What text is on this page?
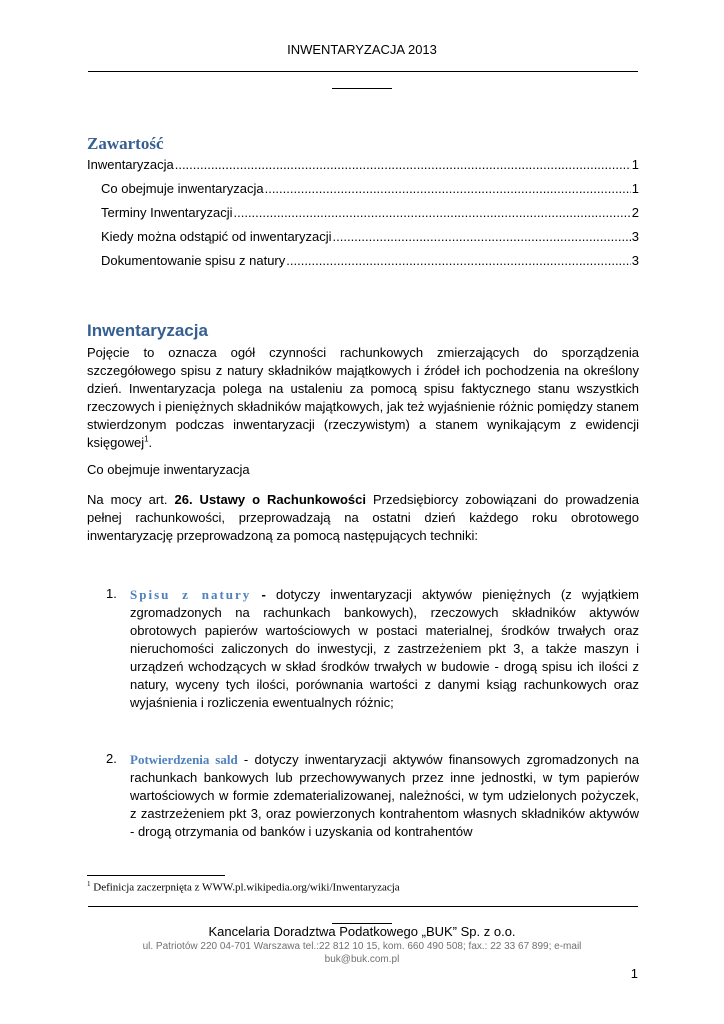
INWENTARYZACJA 2013
Zawartość
Inwentaryzacja .....	1
Co obejmuje inwentaryzacja .....	1
Terminy Inwentaryzacji .....	2
Kiedy można odstąpić od inwentaryzacji .....	3
Dokumentowanie spisu z natury .....	3
Inwentaryzacja
Pojęcie to oznacza ogół czynności rachunkowych zmierzających do sporządzenia szczegółowego spisu z natury składników majątkowych i źródeł ich pochodzenia na określony dzień. Inwentaryzacja polega na ustaleniu za pomocą spisu faktycznego stanu wszystkich rzeczowych i pieniężnych składników majątkowych, jak też wyjaśnienie różnic pomiędzy stanem stwierdzonym podczas inwentaryzacji (rzeczywistym) a stanem wynikającym z ewidencji księgowej$^1$.
Co obejmuje inwentaryzacja
Na mocy art. 26. Ustawy o Rachunkowości Przedsiębiorcy zobowiązani do prowadzenia pełnej rachunkowości, przeprowadzają na ostatni dzień każdego roku obrotowego inwentaryzację przeprowadzoną za pomocą następujących techniki:
1. Spisu z natury - dotyczy inwentaryzacji aktywów pieniężnych (z wyjątkiem zgromadzonych na rachunkach bankowych), rzeczowych składników aktywów obrotowych papierów wartościowych w postaci materialnej, środków trwałych oraz nieruchomości zaliczonych do inwestycji, z zastrzeżeniem pkt 3, a także maszyn i urządzeń wchodzących w skład środków trwałych w budowie - drogą spisu ich ilości z natury, wyceny tych ilości, porównania wartości z danymi ksiąg rachunkowych oraz wyjaśnienia i rozliczenia ewentualnych różnic;
2. Potwierdzenia sald - dotyczy inwentaryzacji aktywów finansowych zgromadzonych na rachunkach bankowych lub przechowywanych przez inne jednostki, w tym papierów wartościowych w formie zdematerializowanej, należności, w tym udzielonych pożyczek, z zastrzeżeniem pkt 3, oraz powierzonych kontrahentom własnych składników aktywów - drogą otrzymania od banków i uzyskania od kontrahentów
$^1$ Definicja zaczerpnięta z WWW.pl.wikipedia.org/wiki/Inwentaryzacja
Kancelaria Doradztwa Podatkowego „BUK” Sp. z o.o.
ul. Patriotów 220 04-701 Warszawa tel.:22 812 10 15, kom. 660 490 508; fax.: 22 33 67 899; e-mail buk@buk.com.pl
1
